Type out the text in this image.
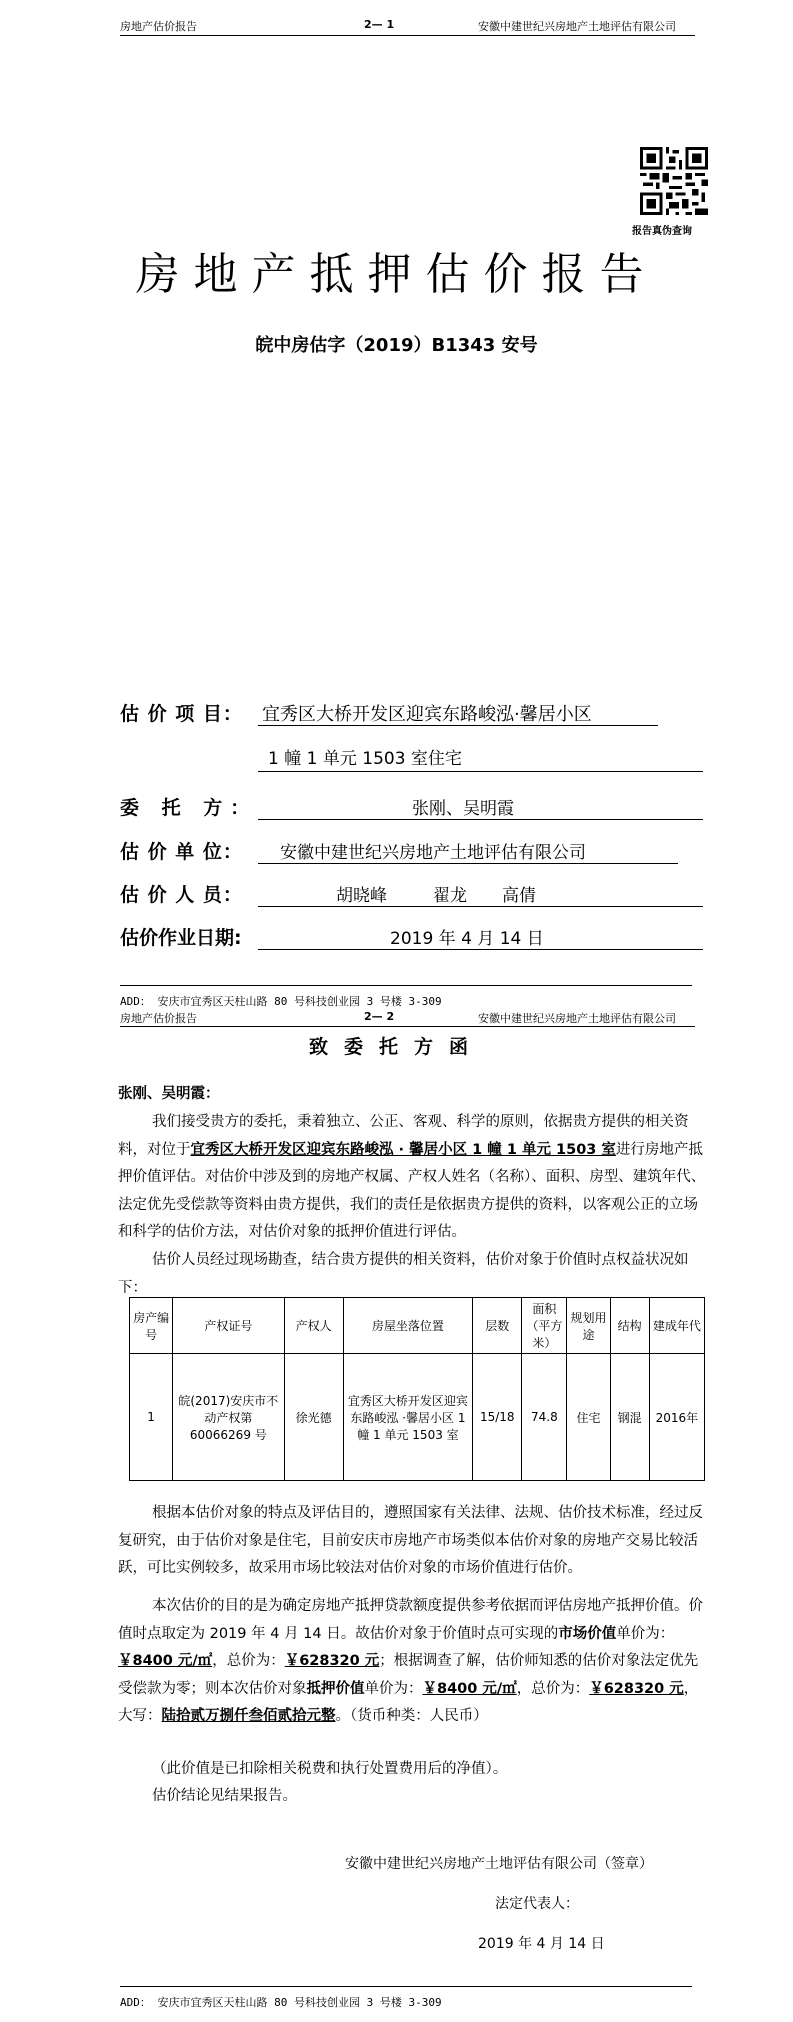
房地产估价报告	2— 1	安徽中建世纪兴房地产土地评估有限公司
报告真伪查询
房地产抵押估价报告
皖中房估字（2019）B1343 安号
估 价 项 目： 宜秀区大桥开发区迎宾东路峻泓·馨居小区
1 幢 1 单元 1503 室住宅
委 托 方：	张刚、吴明霞
估 价 单 位： 安徽中建世纪兴房地产土地评估有限公司
估 价 人 员：	胡晓峰	翟龙 高倩
估价作业日期:	2019 年 4 月 14 日
ADD： 安庆市宜秀区天柱山路 80 号科技创业园 3 号楼 3-309
房地产估价报告	2— 2	安徽中建世纪兴房地产土地评估有限公司
致委托方函
张刚、吴明霞：
我们接受贵方的委托，秉着独立、公正、客观、科学的原则，依据贵方提供的相关资料，对位于宜秀区大桥开发区迎宾东路峻泓 · 馨居小区 1 幢 1 单元 1503 室进行房地产抵押价值评估。对估价中涉及到的房地产权属、产权人姓名（名称）、面积、房型、建筑年代、法定优先受偿款等资料由贵方提供，我们的责任是依据贵方提供的资料，以客观公正的立场和科学的估价方法，对估价对象的抵押价值进行评估。
估价人员经过现场勘查，结合贵方提供的相关资料，估价对象于价值时点权益状况如下：
房产编号	产权证号	产权人	房屋坐落位置	层数	面积（平方米）	规划用途	结构	建成年代
1	皖(2017)安庆市不动产权第 60066269 号	徐光德	宜秀区大桥开发区迎宾东路峻泓 ·馨居小区 1 幢 1 单元 1503 室	15/18	74.8	住宅	钢混	2016年
根据本估价对象的特点及评估目的，遵照国家有关法律、法规、估价技术标准，经过反复研究，由于估价对象是住宅，目前安庆市房地产市场类似本估价对象的房地产交易比较活跃，可比实例较多，故采用市场比较法对估价对象的市场价值进行估价。
本次估价的目的是为确定房地产抵押贷款额度提供参考依据而评估房地产抵押价值。价值时点取定为 2019 年 4 月 14 日。故估价对象于价值时点可实现的市场价值单价为：￥8400 元/㎡，总价为：￥628320 元；根据调查了解，估价师知悉的估价对象法定优先受偿款为零；则本次估价对象抵押价值单价为：￥8400 元/㎡，总价为：￥628320 元，大写：陆拾贰万捌仟叁佰贰拾元整。（货币种类：人民币）
（此价值是已扣除相关税费和执行处置费用后的净值）。
估价结论见结果报告。
安徽中建世纪兴房地产土地评估有限公司（签章）
法定代表人：
2019 年 4 月 14 日
ADD： 安庆市宜秀区天柱山路 80 号科技创业园 3 号楼 3-309
